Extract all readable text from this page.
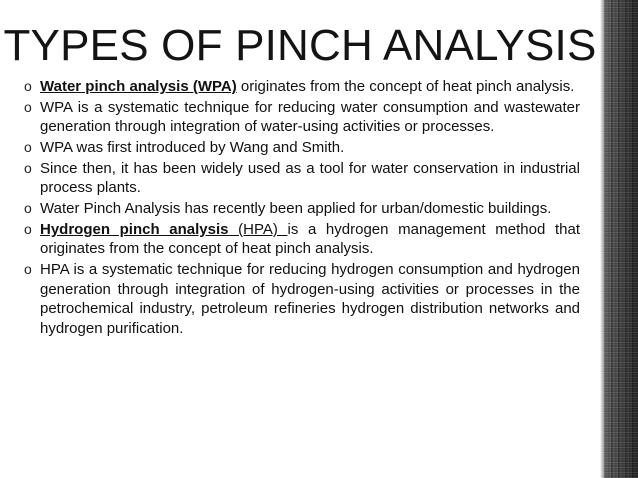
TYPES OF PINCH ANALYSIS
o Water pinch analysis (WPA) originates from the concept of heat pinch analysis.
o WPA is a systematic technique for reducing water consumption and wastewater generation through integration of water-using activities or processes.
o WPA was first introduced by Wang and Smith.
o Since then, it has been widely used as a tool for water conservation in industrial process plants.
o Water Pinch Analysis has recently been applied for urban/domestic buildings.
o Hydrogen pinch analysis (HPA) is a hydrogen management method that originates from the concept of heat pinch analysis.
o HPA is a systematic technique for reducing hydrogen consumption and hydrogen generation through integration of hydrogen-using activities or processes in the petrochemical industry, petroleum refineries hydrogen distribution networks and hydrogen purification.
